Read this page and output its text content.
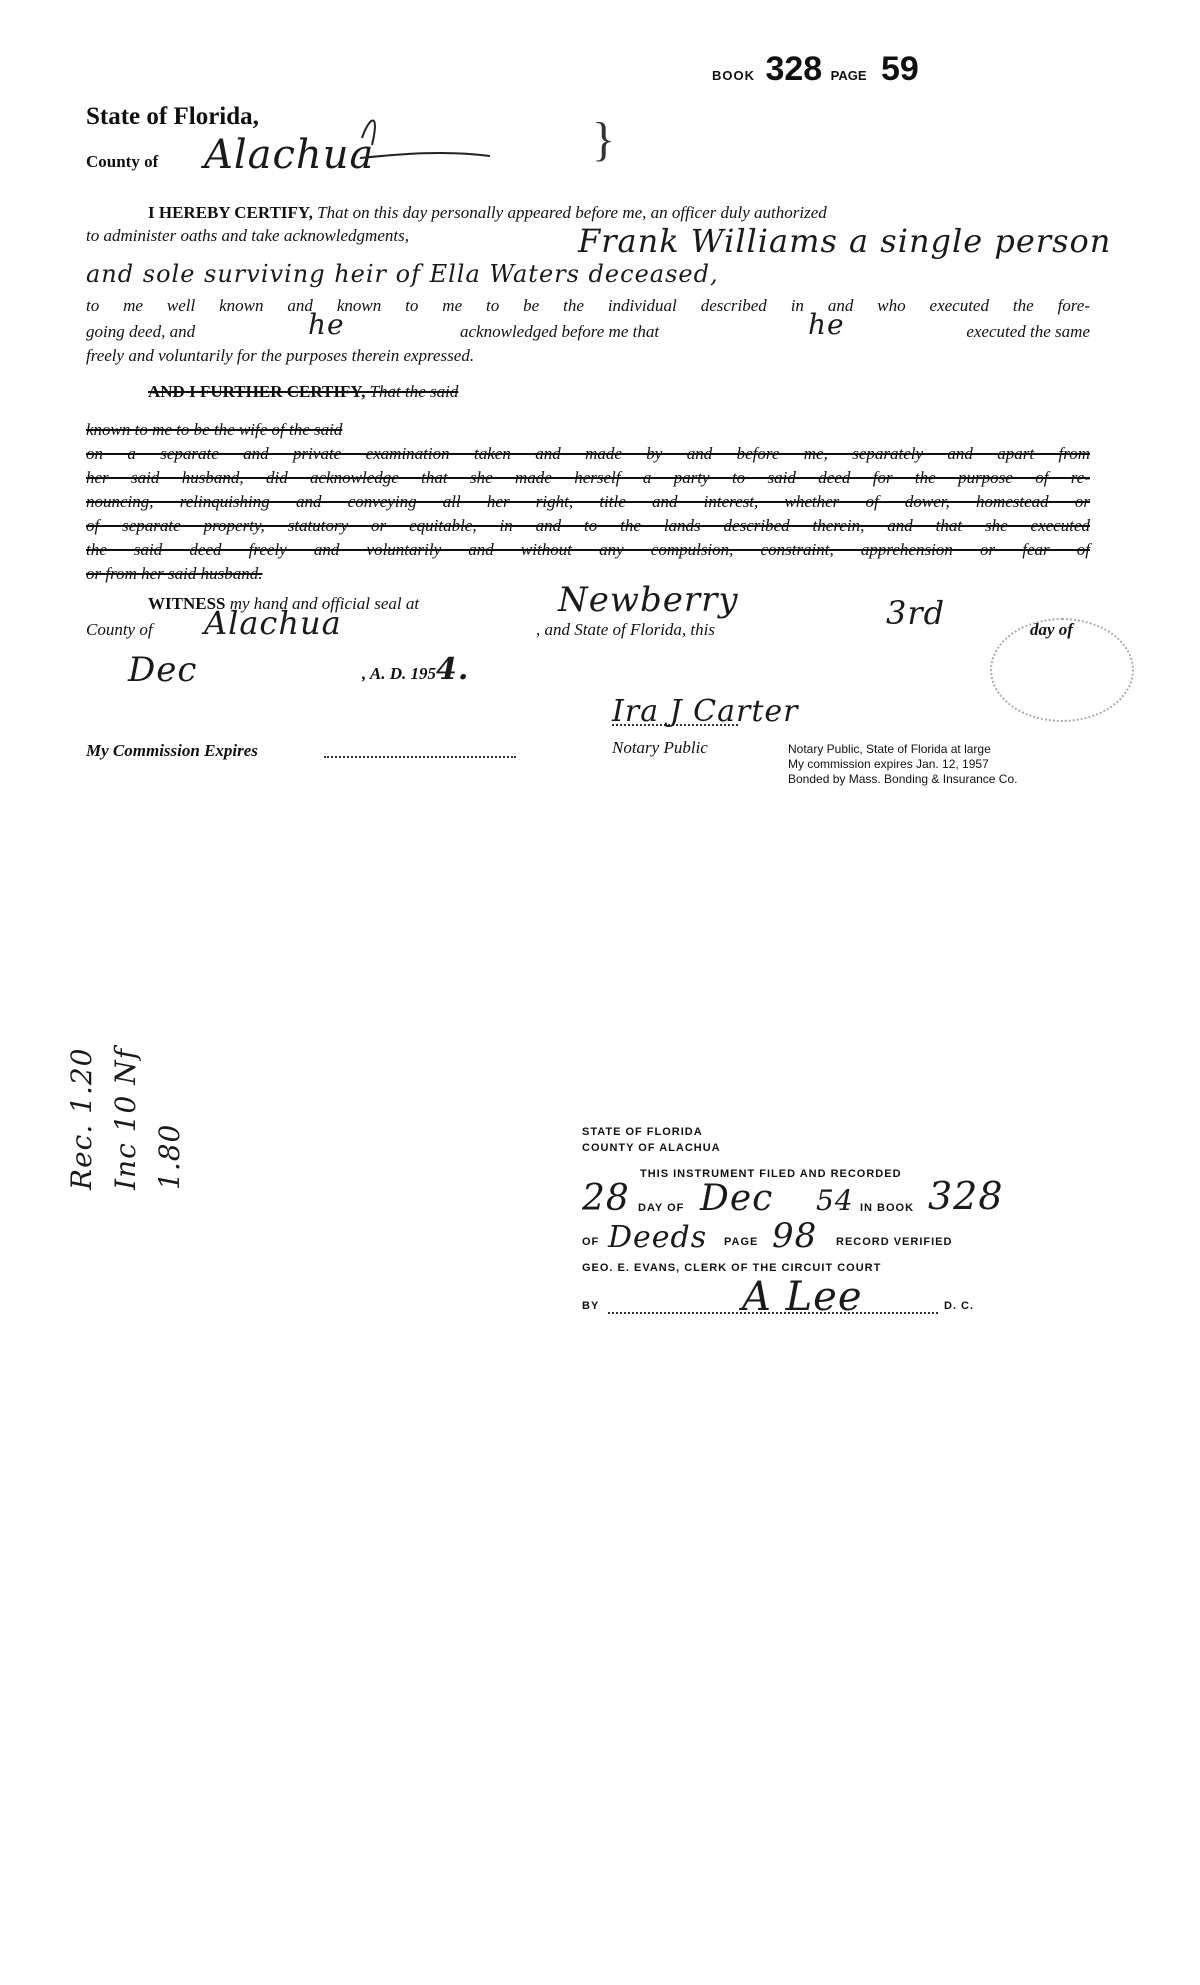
BOOK 328 PAGE 59
State of Florida,	}
County of Alachua
I HEREBY CERTIFY, That on this day personally appeared before me, an officer duly authorized
to administer oaths and take acknowledgments,	Frank Williams a single person
and sole surviving heir of Ella Waters deceased,
to me well known and known to me to be the individual described in and who executed the fore-
going deed, and	he	acknowledged before me that	he	executed the same
freely and voluntarily for the purposes therein expressed.
AND I FURTHER CERTIFY, That the said
known to me to be the wife of the said
on a separate and private examination taken and made by and before me, separately and apart from
her said husband, did acknowledge that she made herself a party to said deed for the purpose of re-
nouncing, relinquishing and conveying all her right, title and interest, whether of dower, homestead or
of separate property, statutory or equitable, in and to the lands described therein, and that she executed
the said deed freely and voluntarily and without any compulsion, constraint, apprehension or fear of
or from her said husband.
WITNESS my hand and official seal at	Newberry
County of Alachua	, and State of Florida, this	3rd	day of
Dec	, A. D. 1954.
Ira J Carter
Notary Public
My Commission Expires	Notary Public, State of Florida at large
My commission expires Jan. 12, 1957
Bonded by Mass. Bonding & Insurance Co.
Rec. 1.20 Inc 10 Nf 1.80	STATE OF FLORIDA
COUNTY OF ALACHUA
THIS INSTRUMENT FILED AND RECORDED
28 DAY OF Dec 54 IN BOOK 328
OF Deeds PAGE 98 RECORD VERIFIED
GEO. E. EVANS, CLERK OF THE CIRCUIT COURT
BY	A Lee	D. C.
